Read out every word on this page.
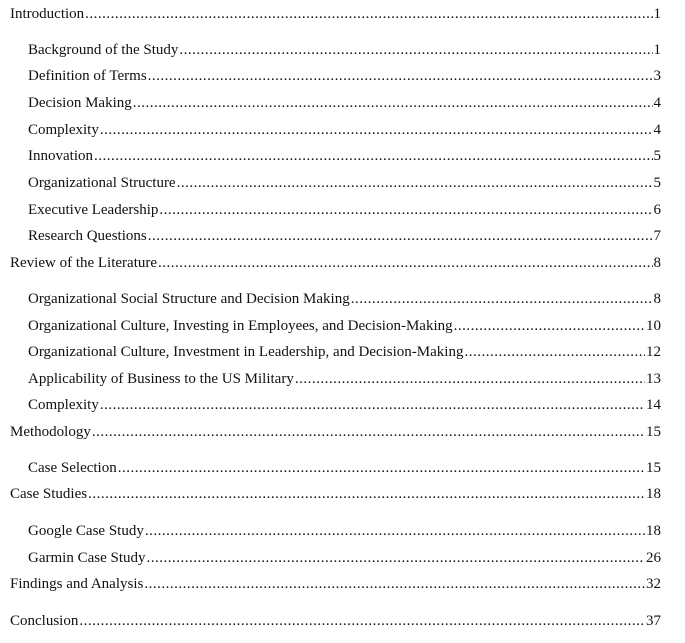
Introduction .....	1
Background of the Study .....	1
Definition of Terms .....	3
Decision Making .....	4
Complexity .....	4
Innovation .....	5
Organizational Structure .....	5
Executive Leadership .....	6
Research Questions .....	7
Review of the Literature .....	8
Organizational Social Structure and Decision Making .....	8
Organizational Culture, Investing in Employees, and Decision-Making .....	10
Organizational Culture, Investment in Leadership, and Decision-Making .....	12
Applicability of Business to the US Military .....	13
Complexity .....	14
Methodology .....	15
Case Selection .....	15
Case Studies .....	18
Google Case Study .....	18
Garmin Case Study .....	26
Findings and Analysis .....	32
Conclusion .....	37
